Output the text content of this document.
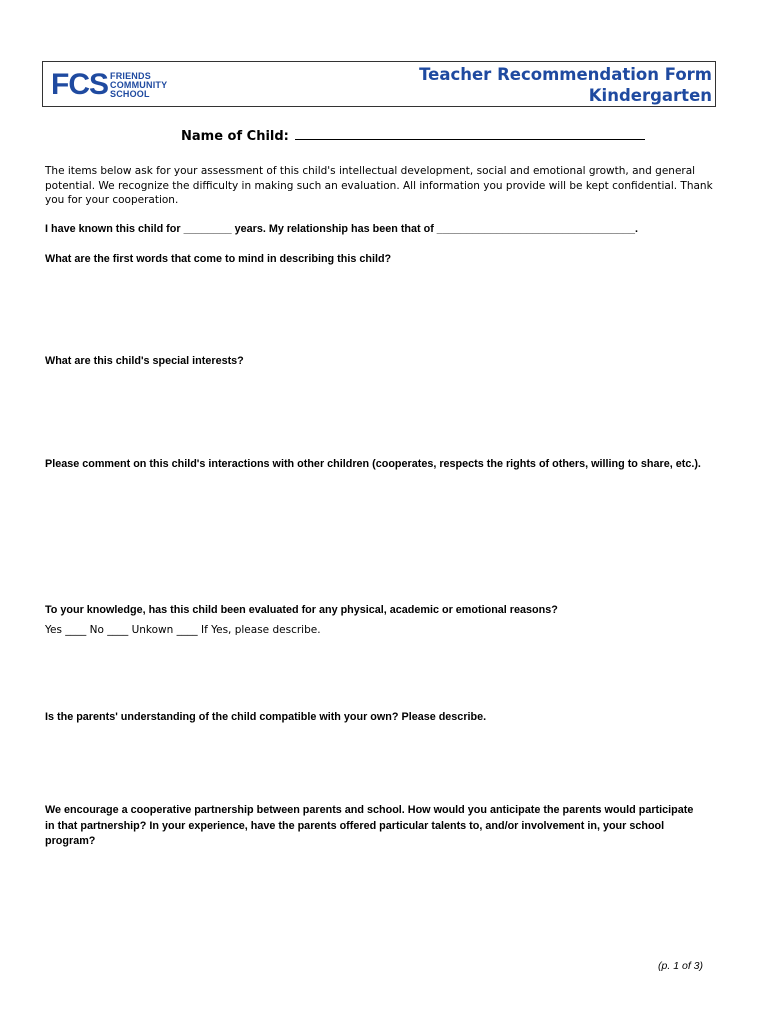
FCS FRIENDS
COMMUNITY
SCHOOL
Teacher Recommendation Form
Kindergarten
Name of Child:
The items below ask for your assessment of this child's intellectual development, social and emotional growth, and general potential. We recognize the difficulty in making such an evaluation. All information you provide will be kept confidential. Thank you for your cooperation.
I have known this child for ________ years. My relationship has been that of _________________________________.
What are the first words that come to mind in describing this child?
What are this child's special interests?
Please comment on this child's interactions with other children (cooperates, respects the rights of others, willing to share, etc.).
To your knowledge, has this child been evaluated for any physical, academic or emotional reasons?
Yes ____ No ____ Unkown ____ If Yes, please describe.
Is the parents' understanding of the child compatible with your own? Please describe.
We encourage a cooperative partnership between parents and school. How would you anticipate the parents would participate in that partnership? In your experience, have the parents offered particular talents to, and/or involvement in, your school program?
(p. 1 of 3)
